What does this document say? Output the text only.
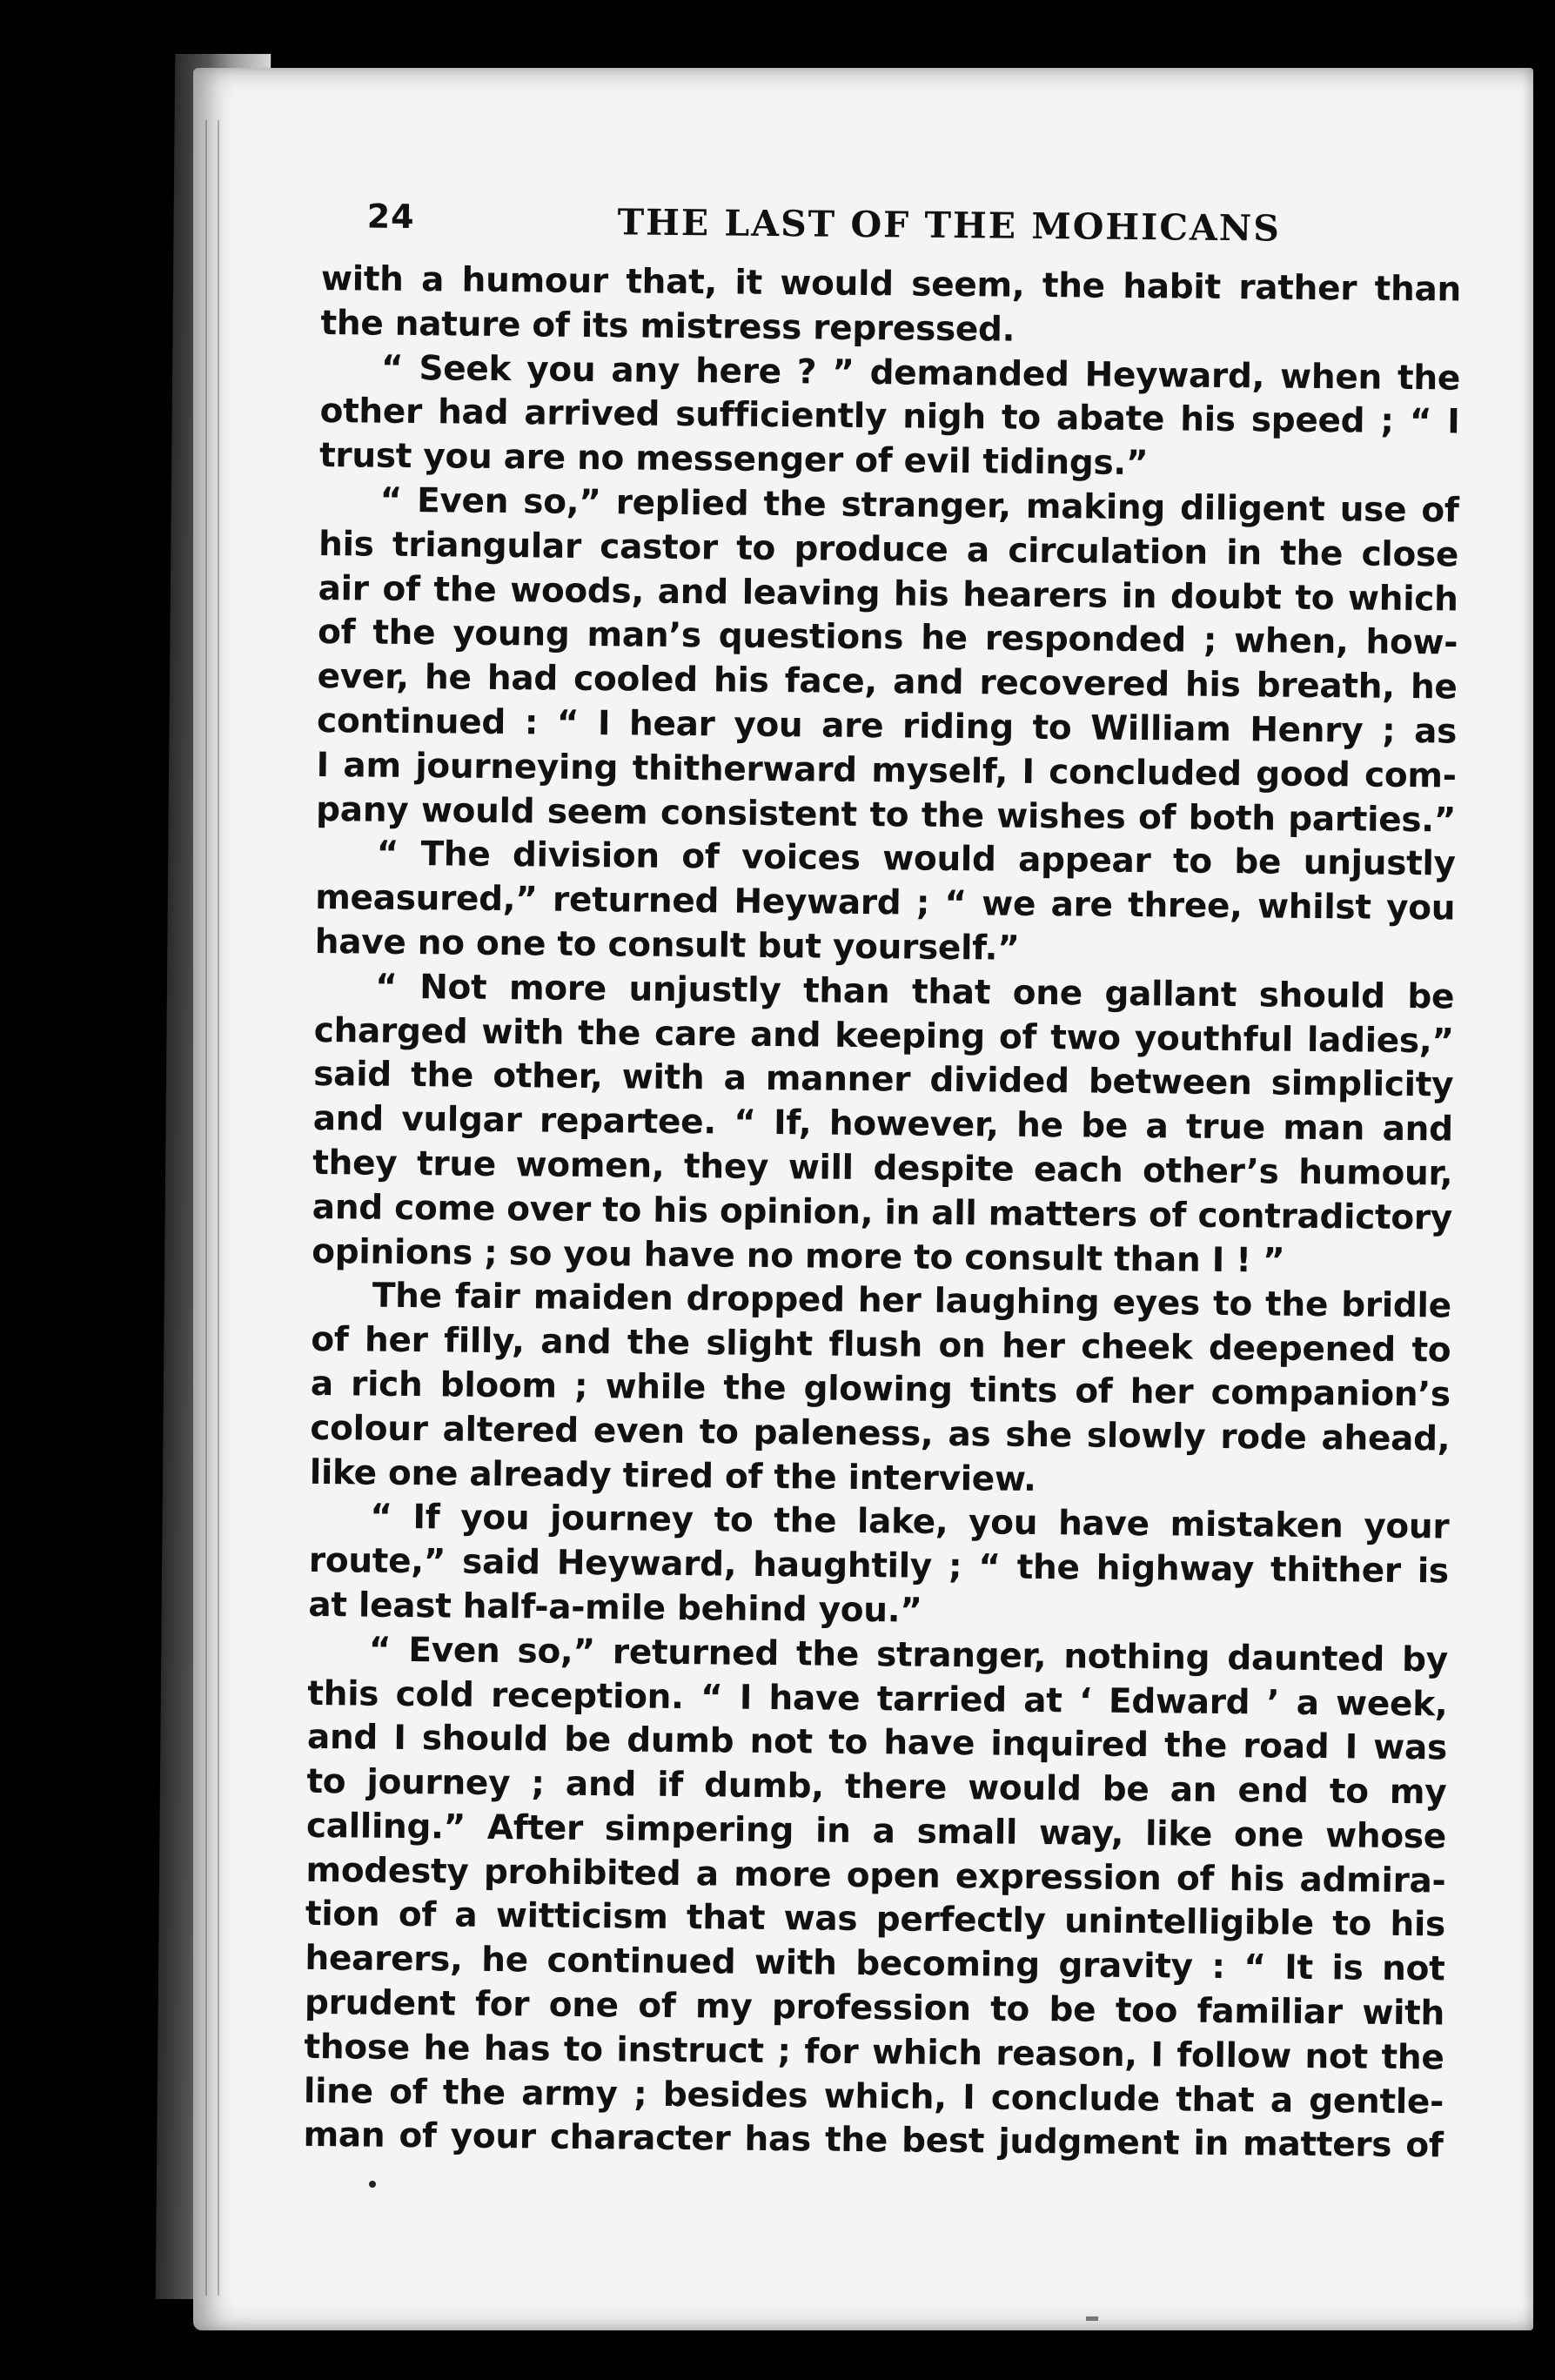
24	THE LAST OF THE MOHICANS
with a humour that, it would seem, the habit rather than
the nature of its mistress repressed.
“ Seek you any here ? ” demanded Heyward, when the
other had arrived sufficiently nigh to abate his speed ; “ I
trust you are no messenger of evil tidings.”
“ Even so,” replied the stranger, making diligent use of
his triangular castor to produce a circulation in the close
air of the woods, and leaving his hearers in doubt to which
of the young man’s questions he responded ; when, how-
ever, he had cooled his face, and recovered his breath, he
continued : “ I hear you are riding to William Henry ; as
I am journeying thitherward myself, I concluded good com-
pany would seem consistent to the wishes of both parties.”
“ The division of voices would appear to be unjustly
measured,” returned Heyward ; “ we are three, whilst you
have no one to consult but yourself.”
“ Not more unjustly than that one gallant should be
charged with the care and keeping of two youthful ladies,”
said the other, with a manner divided between simplicity
and vulgar repartee. “ If, however, he be a true man and
they true women, they will despite each other’s humour,
and come over to his opinion, in all matters of contradictory
opinions ; so you have no more to consult than I ! ”
The fair maiden dropped her laughing eyes to the bridle
of her filly, and the slight flush on her cheek deepened to
a rich bloom ; while the glowing tints of her companion’s
colour altered even to paleness, as she slowly rode ahead,
like one already tired of the interview.
“ If you journey to the lake, you have mistaken your
route,” said Heyward, haughtily ; “ the highway thither is
at least half-a-mile behind you.”
“ Even so,” returned the stranger, nothing daunted by
this cold reception. “ I have tarried at ‘ Edward ’ a week,
and I should be dumb not to have inquired the road I was
to journey ; and if dumb, there would be an end to my
calling.” After simpering in a small way, like one whose
modesty prohibited a more open expression of his admira-
tion of a witticism that was perfectly unintelligible to his
hearers, he continued with becoming gravity : “ It is not
prudent for one of my profession to be too familiar with
those he has to instruct ; for which reason, I follow not the
line of the army ; besides which, I conclude that a gentle-
man of your character has the best judgment in matters of
